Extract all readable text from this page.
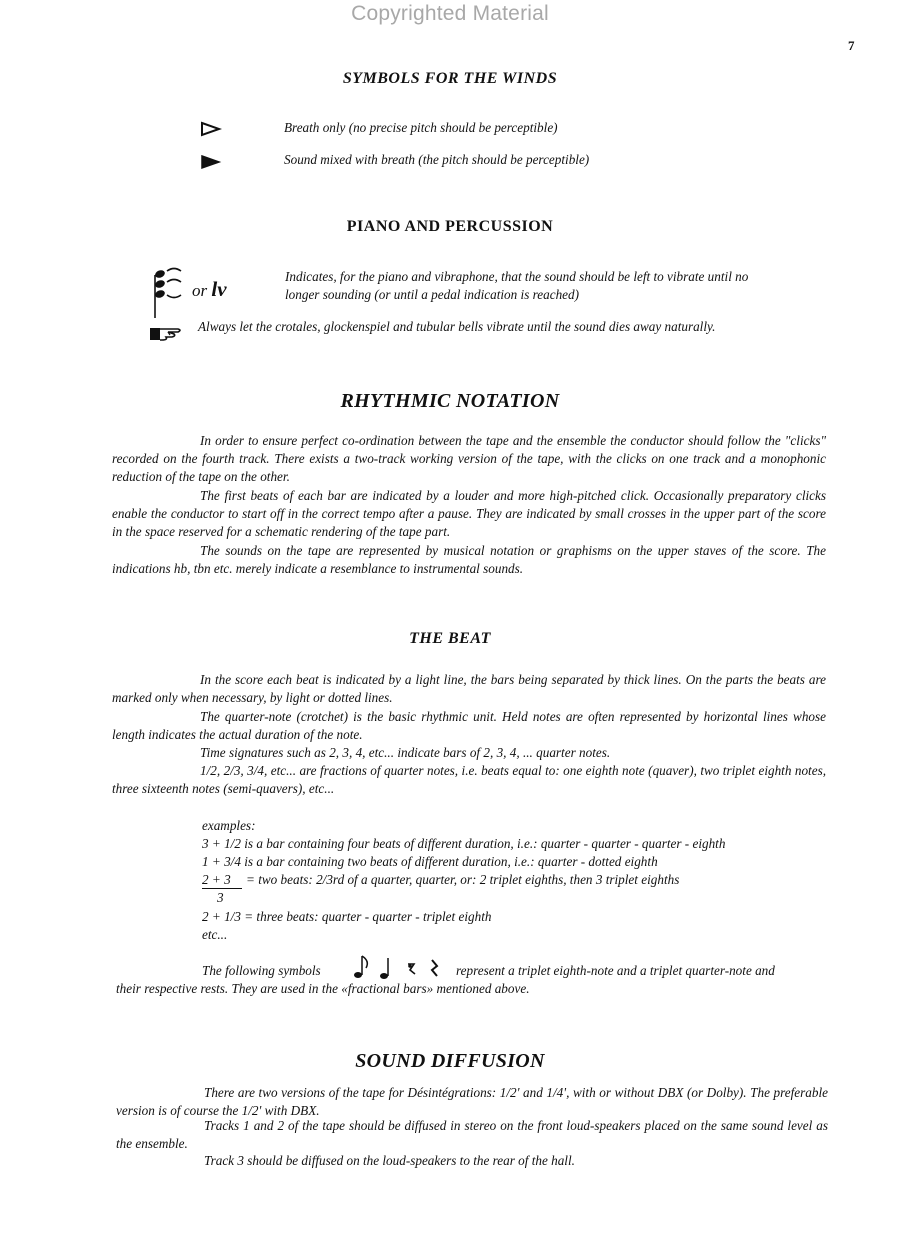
Copyrighted Material
7
SYMBOLS FOR THE WINDS
Breath only (no precise pitch should be perceptible)
Sound mixed with breath (the pitch should be perceptible)
PIANO AND PERCUSSION
or lv
Indicates, for the piano and vibraphone, that the sound should be left to vibrate until no
longer sounding (or until a pedal indication is reached)
Always let the crotales, glockenspiel and tubular bells vibrate until the sound dies away naturally.
RHYTHMIC NOTATION
In order to ensure perfect co-ordination between the tape and the ensemble the conductor should follow the "clicks" recorded on the fourth track. There exists a two-track working version of the tape, with the clicks on one track and a monophonic reduction of the tape on the other.
The first beats of each bar are indicated by a louder and more high-pitched click. Occasionally preparatory clicks enable the conductor to start off in the correct tempo after a pause. They are indicated by small crosses in the upper part of the score in the space reserved for a schematic rendering of the tape part.
The sounds on the tape are represented by musical notation or graphisms on the upper staves of the score. The indications hb, tbn etc. merely indicate a resemblance to instrumental sounds.
THE BEAT
In the score each beat is indicated by a light line, the bars being separated by thick lines. On the parts the beats are marked only when necessary, by light or dotted lines.
The quarter-note (crotchet) is the basic rhythmic unit. Held notes are often represented by horizontal lines whose length indicates the actual duration of the note.
Time signatures such as 2, 3, 4, etc... indicate bars of 2, 3, 4, ... quarter notes.
1/2, 2/3, 3/4, etc... are fractions of quarter notes, i.e. beats equal to: one eighth note (quaver), two triplet eighth notes, three sixteenth notes (semi-quavers), etc...
examples:
3 + 1/2 is a bar containing four beats of different duration, i.e.: quarter - quarter - quarter - eighth
1 + 3/4 is a bar containing two beats of different duration, i.e.: quarter - dotted eighth
2 + 3 = two beats: 2/3rd of a quarter, quarter, or: 2 triplet eighths, then 3 triplet eighths
3
2 + 1/3 = three beats: quarter - quarter - triplet eighth
etc...
The following symbols	represent a triplet eighth-note and a triplet quarter-note and
their respective rests. They are used in the «fractional bars» mentioned above.
SOUND DIFFUSION
There are two versions of the tape for Désintégrations: 1/2' and 1/4', with or without DBX (or Dolby). The preferable version is of course the 1/2' with DBX.
Tracks 1 and 2 of the tape should be diffused in stereo on the front loud-speakers placed on the same sound level as the ensemble.
Track 3 should be diffused on the loud-speakers to the rear of the hall.
